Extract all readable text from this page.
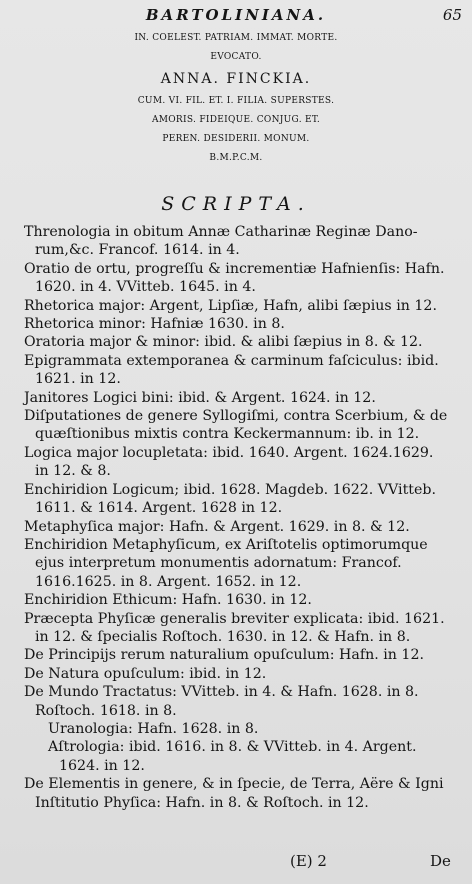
BARTOLINIANA.	65
IN. COELEST. PATRIAM. IMMAT. MORTE.
EVOCATO.
ANNA. FINCKIA.
CUM. VI. FIL. ET. I. FILIA. SUPERSTES.
AMORIS. FIDEIQUE. CONJUG. ET.
PEREN. DESIDERII. MONUM.
B.M.P.C.M.
SCRIPTA.
Threnologia in obitum Annæ Catharinæ Reginæ Dano-
rum,&c. Francof. 1614. in 4.
Oratio de ortu, progreſſu & incrementiæ Hafnienſis: Hafn.
1620. in 4. VVitteb. 1645. in 4.
Rhetorica major: Argent, Lipſiæ, Hafn, alibi ſæpius in 12.
Rhetorica minor: Hafniæ 1630. in 8.
Oratoria major & minor: ibid. & alibi ſæpius in 8. & 12.
Epigrammata extemporanea & carminum faſciculus: ibid.
1621. in 12.
Janitores Logici bini: ibid. & Argent. 1624. in 12.
Diſputationes de genere Syllogiſmi, contra Scerbium, & de
quæſtionibus mixtis contra Keckermannum: ib. in 12.
Logica major locupletata: ibid. 1640. Argent. 1624.1629.
in 12. & 8.
Enchiridion Logicum; ibid. 1628. Magdeb. 1622. VVitteb.
1611. & 1614. Argent. 1628 in 12.
Metaphyſica major: Hafn. & Argent. 1629. in 8. & 12.
Enchiridion Metaphyſicum, ex Ariſtotelis optimorumque
ejus interpretum monumentis adornatum: Francof.
1616.1625. in 8. Argent. 1652. in 12.
Enchiridion Ethicum: Hafn. 1630. in 12.
Præcepta Phyſicæ generalis breviter explicata: ibid. 1621.
in 12. & ſpecialis Roſtoch. 1630. in 12. & Hafn. in 8.
De Principijs rerum naturalium opuſculum: Hafn. in 12.
De Natura opuſculum: ibid. in 12.
De Mundo Tractatus: VVitteb. in 4. & Hafn. 1628. in 8.
Roſtoch. 1618. in 8.
Uranologia: Hafn. 1628. in 8.
Aſtrologia: ibid. 1616. in 8. & VVitteb. in 4. Argent.
1624. in 12.
De Elementis in genere, & in ſpecie, de Terra, Aëre & Igni
Inſtitutio Phyſica: Hafn. in 8. & Roſtoch. in 12.
(E) 2	De
